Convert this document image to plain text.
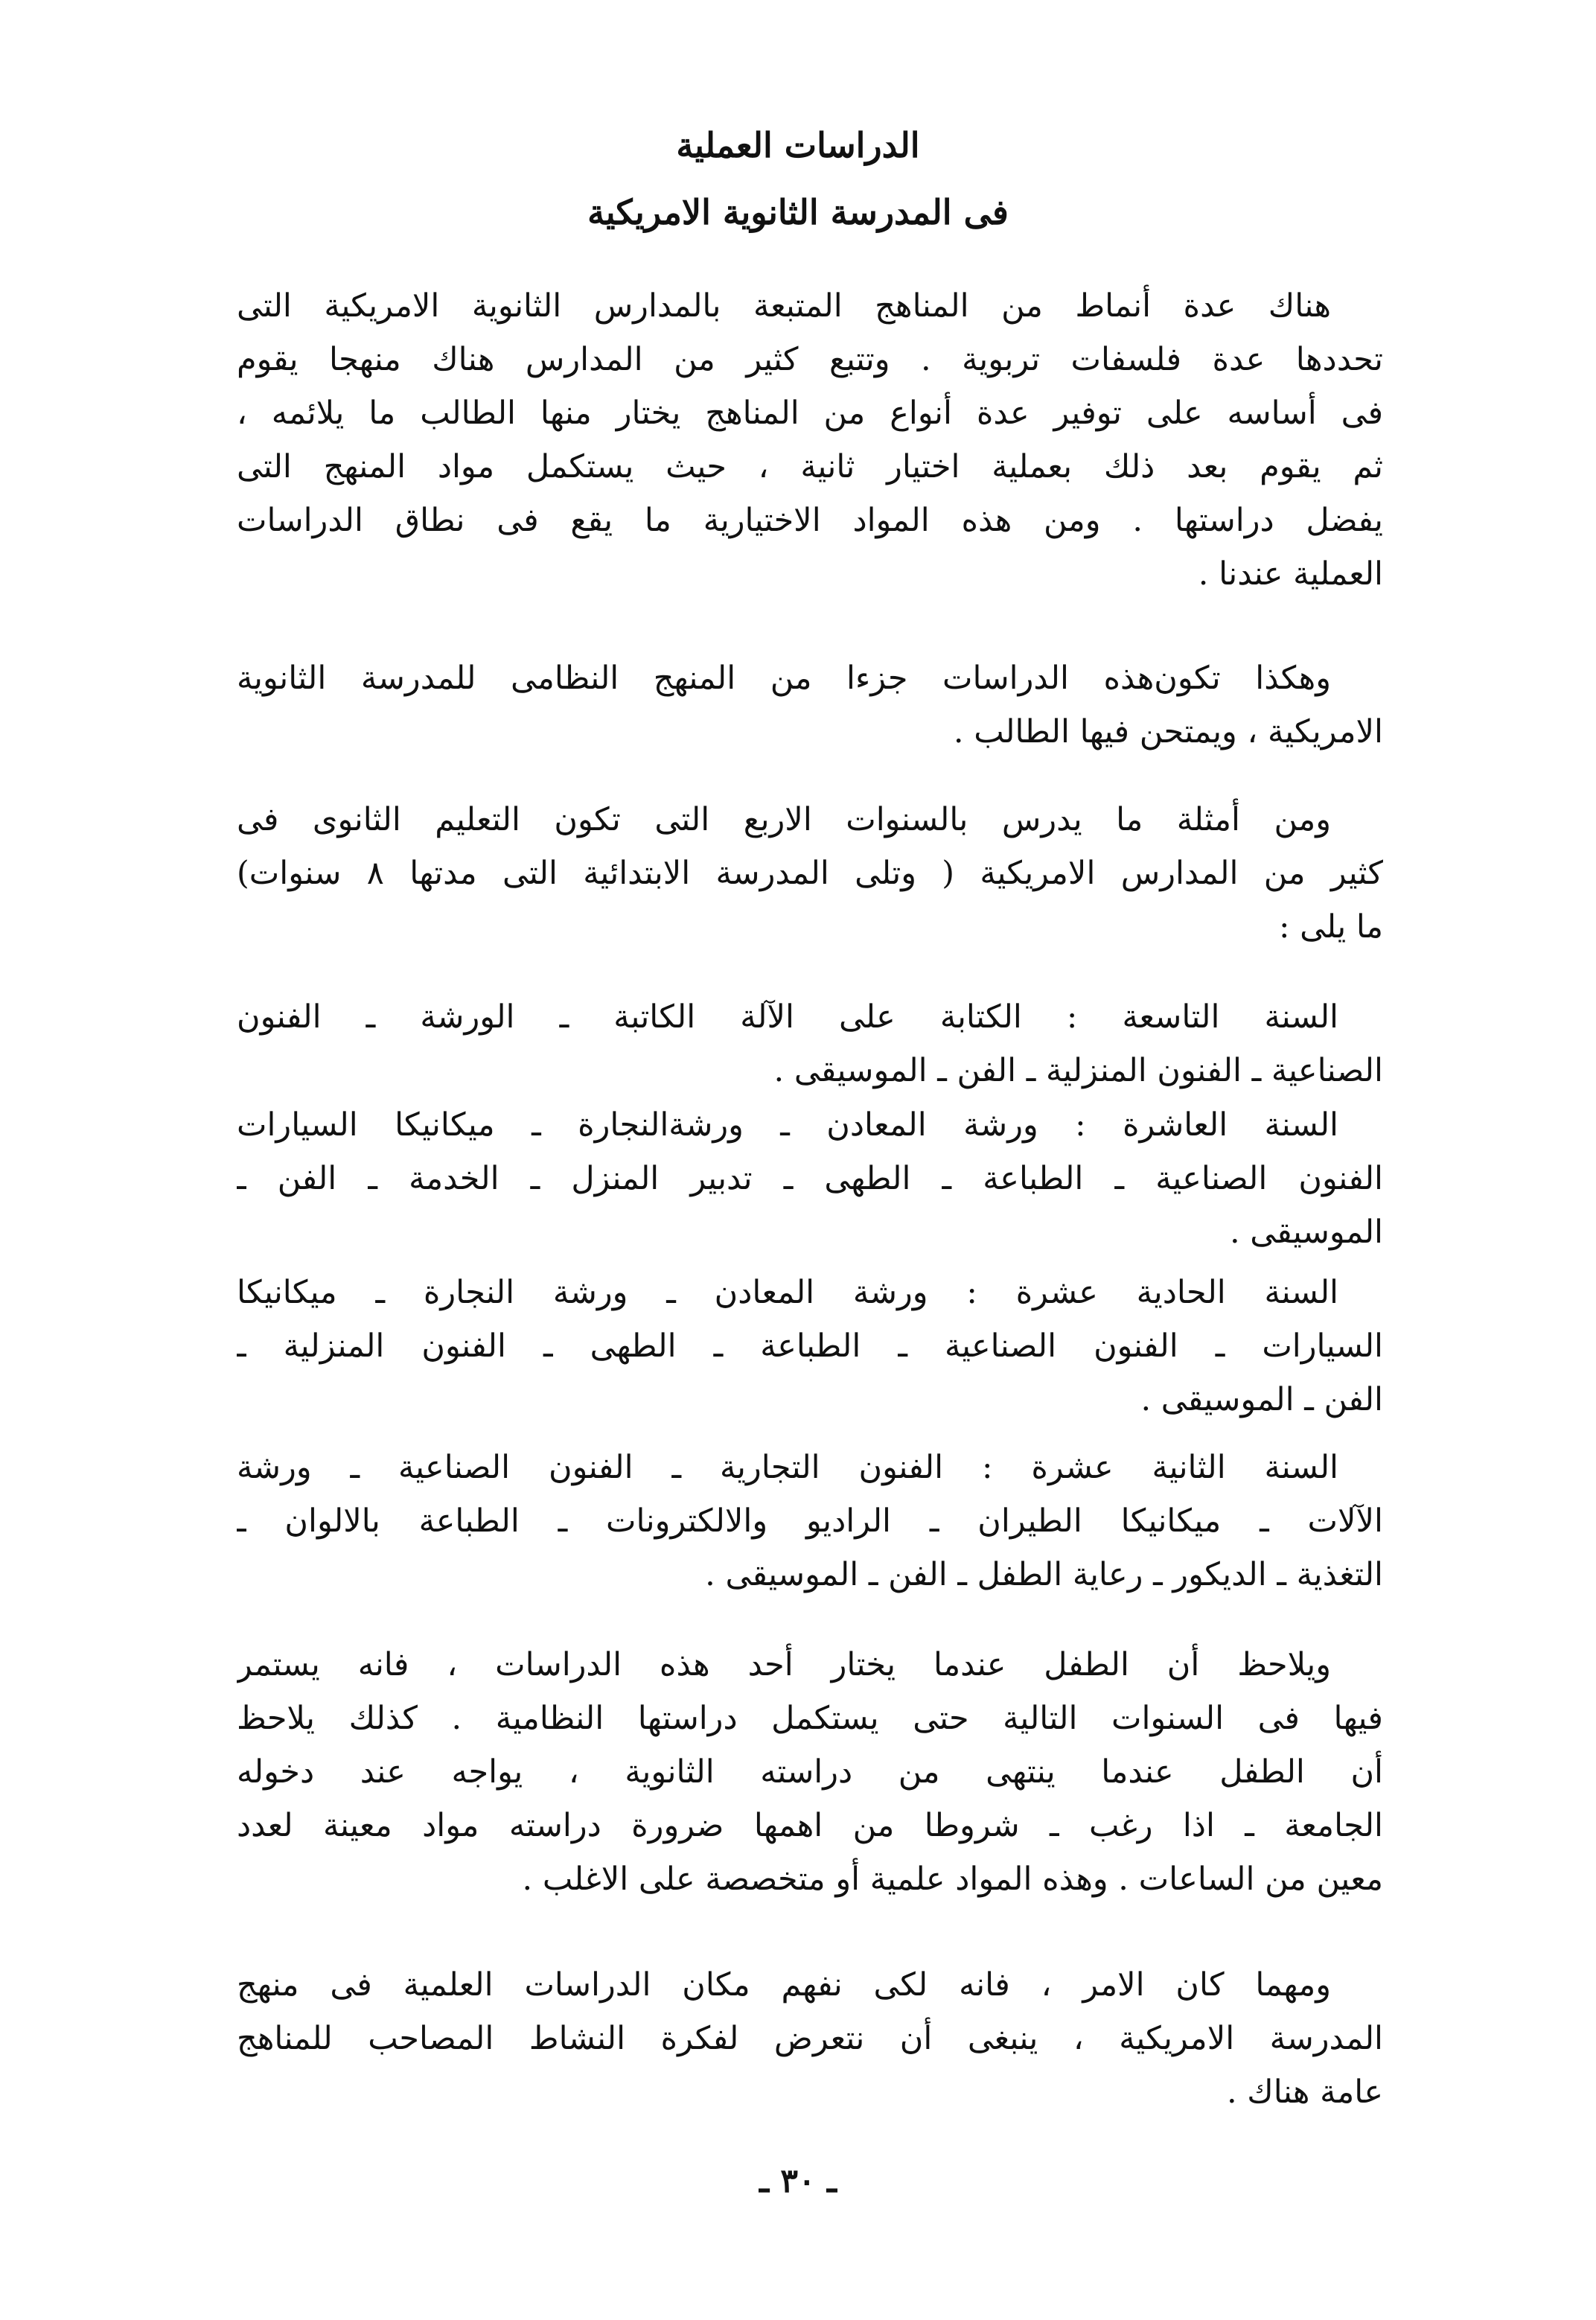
الدراسات العملية
فى المدرسة الثانوية الامريكية
هناك عدة أنماط من المناهج المتبعة بالمدارس الثانوية الامريكية التى
تحددها عدة فلسفات تربوية . وتتبع كثير من المدارس هناك منهجا يقوم
فى أساسه على توفير عدة أنواع من المناهج يختار منها الطالب ما يلائمه ،
ثم يقوم بعد ذلك بعملية اختيار ثانية ، حيث يستكمل مواد المنهج التى
يفضل دراستها . ومن هذه المواد الاختيارية ما يقع فى نطاق الدراسات
العملية عندنا .
وهكذا تكون‌هذه الدراسات جزءا من المنهج النظامى للمدرسة الثانوية
الامريكية ، ويمتحن فيها الطالب .
ومن أمثلة ما يدرس بالسنوات الاربع التى تكون التعليم الثانوى فى
كثير من المدارس الامريكية ( وتلى المدرسة الابتدائية التى مدتها ٨ سنوات)
ما يلى :
السنة التاسعة : الكتابة على الآلة الكاتبة ـ الورشة ـ الفنون
الصناعية ـ الفنون المنزلية ـ الفن ـ الموسيقى .
السنة العاشرة : ورشة المعادن ـ ورشة‌النجارة ـ ميكانيكا السيارات
الفنون الصناعية ـ الطباعة ـ الطهى ـ تدبير المنزل ـ الخدمة ـ الفن ـ
الموسيقى .
السنة الحادية عشرة : ورشة المعادن ـ ورشة النجارة ـ ميكانيكا
السيارات ـ الفنون الصناعية ـ الطباعة ـ الطهى ـ الفنون المنزلية ـ
الفن ـ الموسيقى .
السنة الثانية عشرة : الفنون التجارية ـ الفنون الصناعية ـ ورشة
الآلات ـ ميكانيكا الطيران ـ الراديو والالكترونات ـ الطباعة بالالوان ـ
التغذية ـ الديكور ـ رعاية الطفل ـ الفن ـ الموسيقى .
ويلاحظ أن الطفل عندما يختار أحد هذه الدراسات ، فانه يستمر
فيها فى السنوات التالية حتى يستكمل دراستها النظامية . كذلك يلاحظ
أن الطفل عندما ينتهى من دراسته الثانوية ، يواجه عند دخوله
الجامعة ـ اذا رغب ـ شروطا من اهمها ضرورة دراسته مواد معينة لعدد
معين من الساعات . وهذه المواد علمية أو متخصصة على الاغلب .
ومهما كان الامر ، فانه لكى نفهم مكان الدراسات العلمية فى منهج
المدرسة الامريكية ، ينبغى أن نتعرض لفكرة النشاط المصاحب للمناهج
عامة هناك .
ـ ٣٠ ـ
